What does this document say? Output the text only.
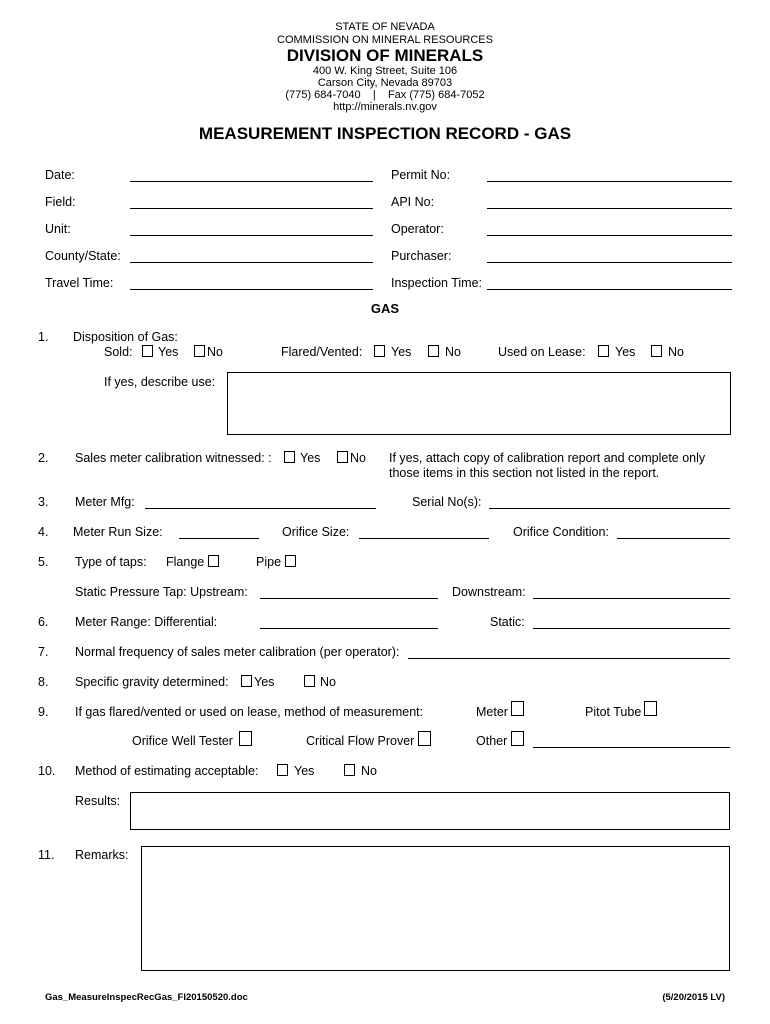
STATE OF NEVADA
COMMISSION ON MINERAL RESOURCES
DIVISION OF MINERALS
400 W. King Street, Suite 106
Carson City, Nevada 89703
(775) 684-7040    |    Fax (775) 684-7052
http://minerals.nv.gov
MEASUREMENT INSPECTION RECORD - GAS
Date:	Permit No:
Field:	API No:
Unit:	Operator:
County/State:	Purchaser:
Travel Time:	Inspection Time:
GAS
1. Disposition of Gas:
Sold: Yes No	Flared/Vented: Yes	No	Used on Lease: Yes	No
If yes, describe use:
2. Sales meter calibration witnessed: : Yes No If yes, attach copy of calibration report and complete only
those items in this section not listed in the report.
3. Meter Mfg:	Serial No(s):
4. Meter Run Size:	Orifice Size:	Orifice Condition:
5. Type of taps: Flange	Pipe
Static Pressure Tap: Upstream:	Downstream:
6. Meter Range: Differential:	Static:
7. Normal frequency of sales meter calibration (per operator):
8. Specific gravity determined: Yes	No
9. If gas flared/vented or used on lease, method of measurement:	Meter	Pitot Tube
Orifice Well Tester	Critical Flow Prover	Other
10. Method of estimating acceptable:	Yes	No
Results:
11. Remarks:
Gas_MeasureInspecRecGas_FI20150520.doc	(5/20/2015 LV)
